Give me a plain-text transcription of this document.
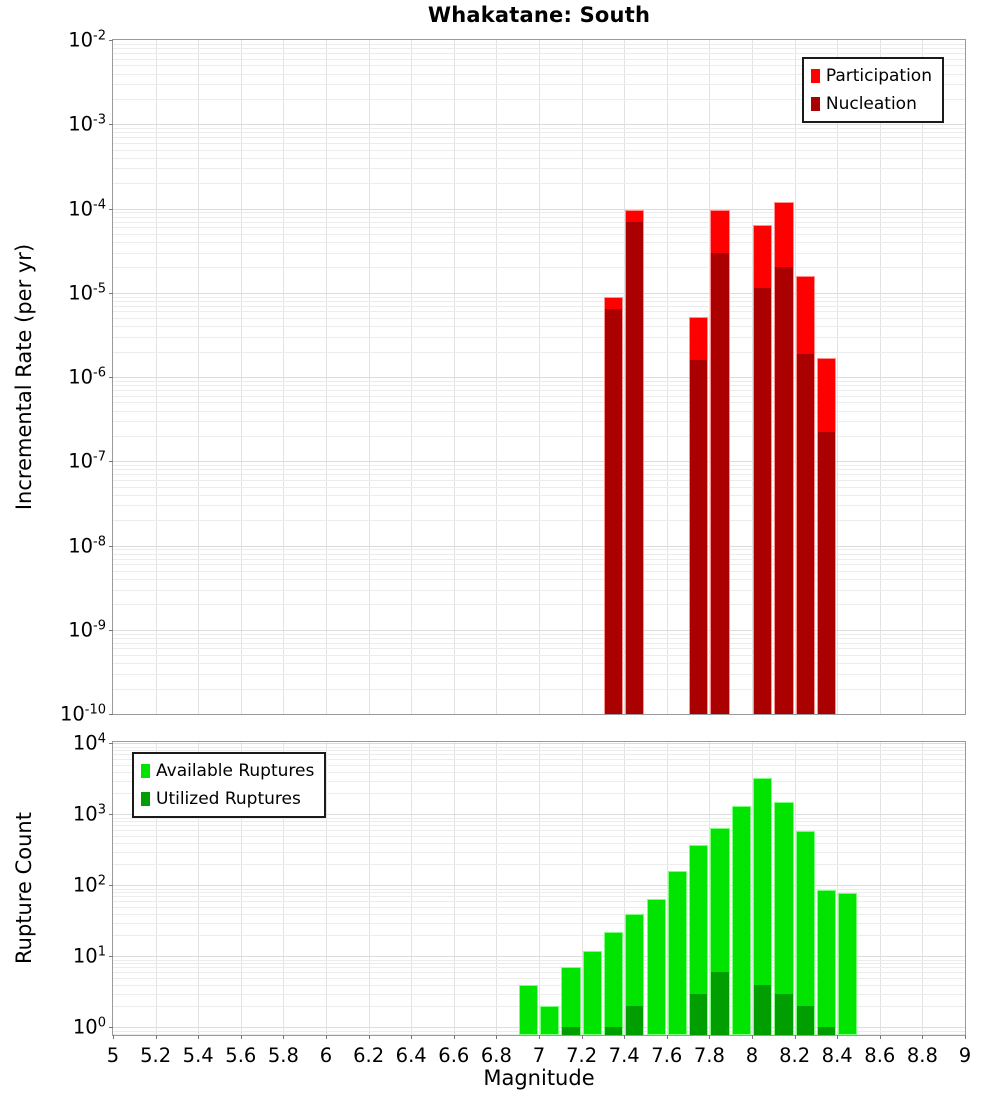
Whakatane: South
Incremental Rate (per yr)
Rupture Count
$10^{-2}$
$10^{-3}$
$10^{-4}$
$10^{-5}$
$10^{-6}$
$10^{-7}$
$10^{-8}$
$10^{-9}$
$10^{-10}$
Participation
Nucleation
5 5.2 5.4 5.6 5.8 6 6.2 6.4 6.6 6.8 7 7.2 7.4 7.6 7.8 8 8.2 8.4 8.6 8.8 9
$10^4$
$10^3$
$10^2$
$10^1$
$10^0$
Available Ruptures
Utilized Ruptures
Magnitude
